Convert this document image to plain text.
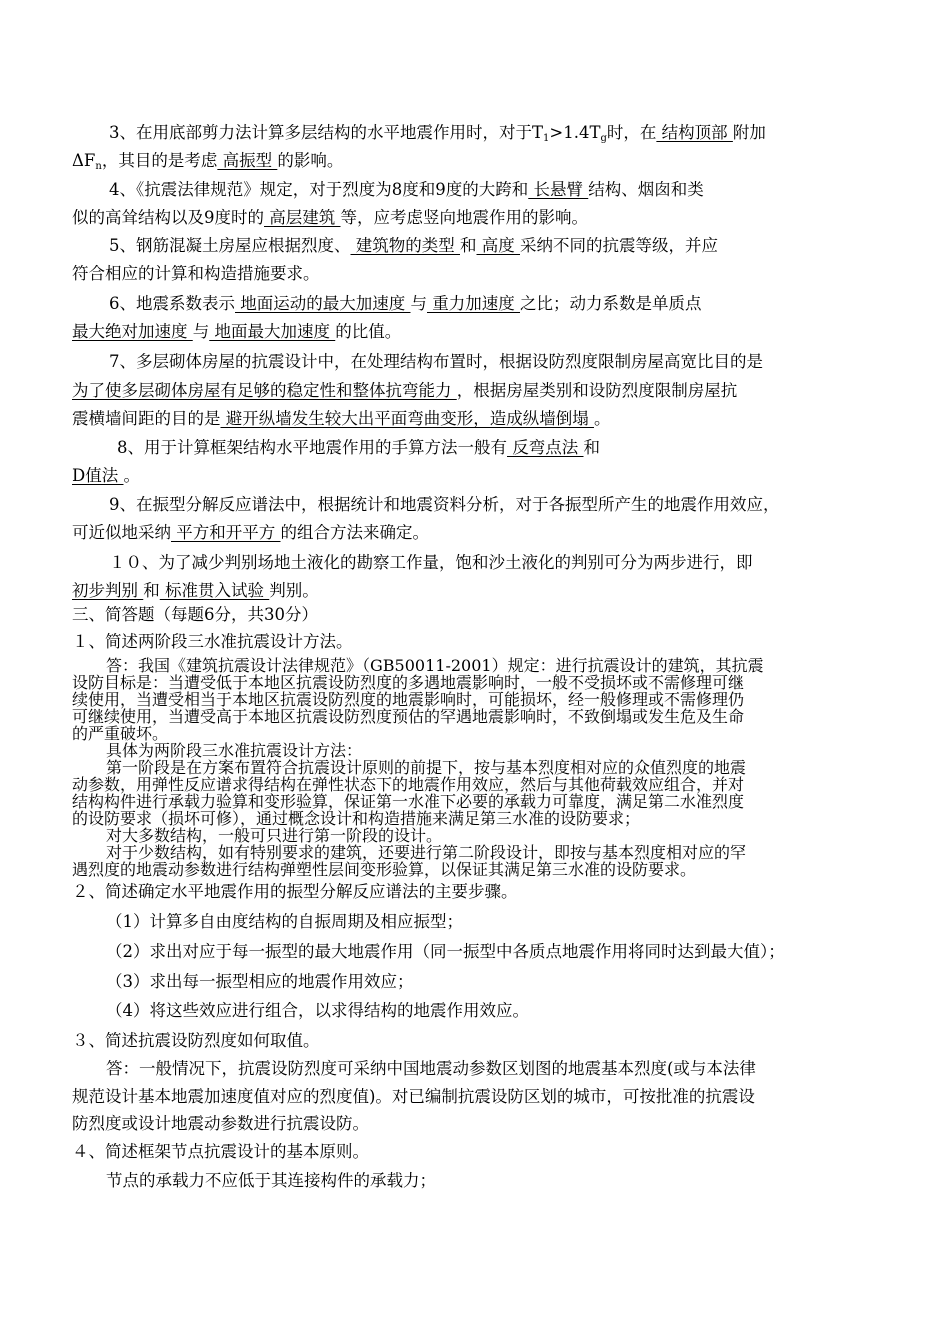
3、在用底部剪力法计算多层结构的水平地震作用时，对于$T_1>1.4T_g$时，在 结构顶部 附加
$\Delta F_n$，其目的是考虑 高振型 的影响。
4、《抗震法律规范》规定，对于烈度为8度和9度的大跨和 长悬臂 结构、烟囱和类
似的高耸结构以及9度时的 高层建筑 等，应考虑竖向地震作用的影响。
5、钢筋混凝土房屋应根据烈度、 建筑物的类型 和 高度 采纳不同的抗震等级，并应
符合相应的计算和构造措施要求。
6、地震系数表示 地面运动的最大加速度 与 重力加速度 之比；动力系数是单质点
最大绝对加速度 与 地面最大加速度 的比值。
7、多层砌体房屋的抗震设计中，在处理结构布置时，根据设防烈度限制房屋高宽比目的是
为了使多层砌体房屋有足够的稳定性和整体抗弯能力 ，根据房屋类别和设防烈度限制房屋抗
震横墙间距的目的是 避开纵墙发生较大出平面弯曲变形，造成纵墙倒塌 。
8、用于计算框架结构水平地震作用的手算方法一般有 反弯点法 和
D值法 。
9、在振型分解反应谱法中，根据统计和地震资料分析，对于各振型所产生的地震作用效应，
可近似地采纳 平方和开平方 的组合方法来确定。
１０、为了减少判别场地土液化的勘察工作量，饱和沙土液化的判别可分为两步进行，即
初步判别 和 标准贯入试验 判别。
三、简答题（每题6分，共30分）
１、简述两阶段三水准抗震设计方法。
答：我国《建筑抗震设计法律规范》（GB50011-2001）规定：进行抗震设计的建筑，其抗震
设防目标是：当遭受低于本地区抗震设防烈度的多遇地震影响时，一般不受损坏或不需修理可继
续使用，当遭受相当于本地区抗震设防烈度的地震影响时，可能损坏，经一般修理或不需修理仍
可继续使用，当遭受高于本地区抗震设防烈度预估的罕遇地震影响时，不致倒塌或发生危及生命
的严重破坏。
具体为两阶段三水准抗震设计方法：
第一阶段是在方案布置符合抗震设计原则的前提下，按与基本烈度相对应的众值烈度的地震
动参数，用弹性反应谱求得结构在弹性状态下的地震作用效应，然后与其他荷载效应组合，并对
结构构件进行承载力验算和变形验算，保证第一水准下必要的承载力可靠度，满足第二水准烈度
的设防要求（损坏可修），通过概念设计和构造措施来满足第三水准的设防要求；
对大多数结构，一般可只进行第一阶段的设计。
对于少数结构，如有特别要求的建筑，还要进行第二阶段设计，即按与基本烈度相对应的罕
遇烈度的地震动参数进行结构弹塑性层间变形验算，以保证其满足第三水准的设防要求。
２、简述确定水平地震作用的振型分解反应谱法的主要步骤。
（1）计算多自由度结构的自振周期及相应振型；
（2）求出对应于每一振型的最大地震作用（同一振型中各质点地震作用将同时达到最大值）；
（3）求出每一振型相应的地震作用效应；
（4）将这些效应进行组合，以求得结构的地震作用效应。
３、简述抗震设防烈度如何取值。
答：一般情况下，抗震设防烈度可采纳中国地震动参数区划图的地震基本烈度(或与本法律
规范设计基本地震加速度值对应的烈度值)。对已编制抗震设防区划的城市，可按批准的抗震设
防烈度或设计地震动参数进行抗震设防。
４、简述框架节点抗震设计的基本原则。
节点的承载力不应低于其连接构件的承载力；
